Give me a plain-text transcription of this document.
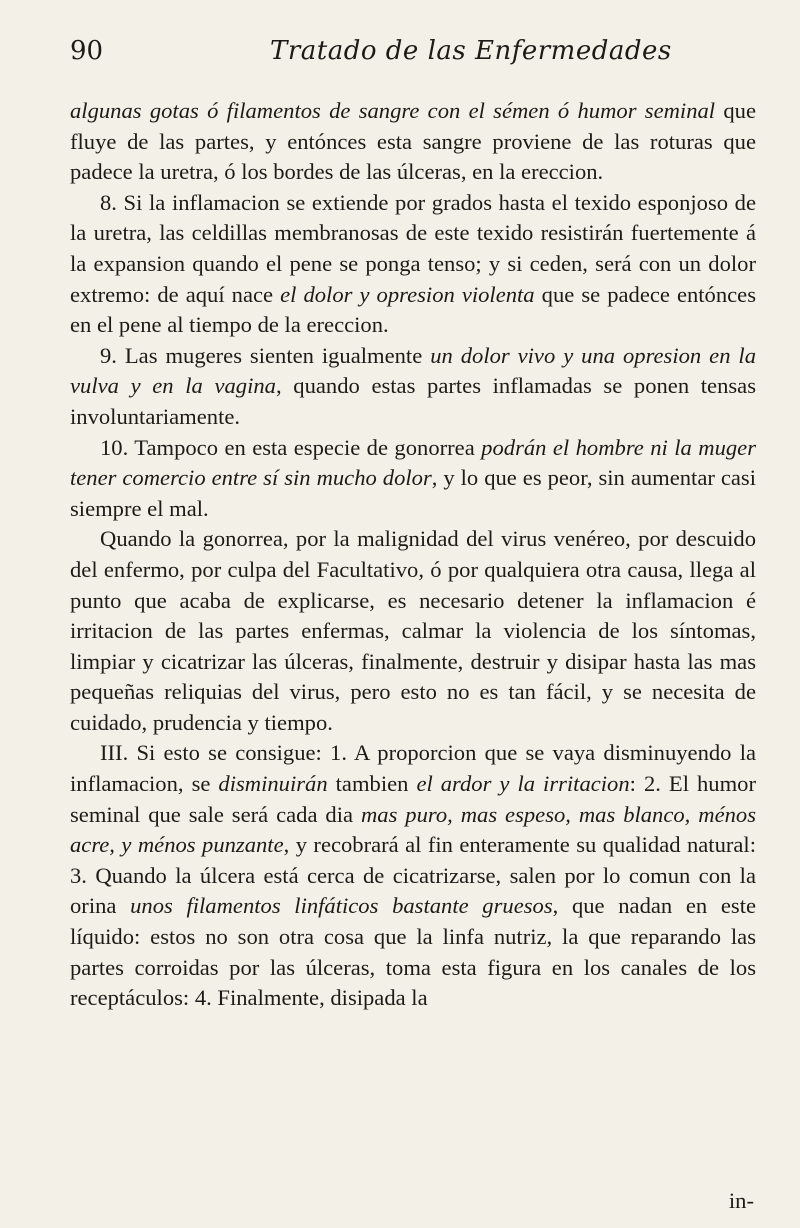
90	Tratado de las Enfermedades

algunas gotas ó filamentos de sangre con el sémen ó humor seminal que fluye de las partes, y entónces esta sangre proviene de las roturas que padece la uretra, ó los bordes de las úlceras, en la ereccion.

8. Si la inflamacion se extiende por grados hasta el texido esponjoso de la uretra, las celdillas membranosas de este texido resistirán fuertemente á la expansion quando el pene se ponga tenso; y si ceden, será con un dolor extremo: de aquí nace el dolor y opresion violenta que se padece entónces en el pene al tiempo de la ereccion.

9. Las mugeres sienten igualmente un dolor vivo y una opresion en la vulva y en la vagina, quando estas partes inflamadas se ponen tensas involuntariamente.

10. Tampoco en esta especie de gonorrea podrán el hombre ni la muger tener comercio entre sí sin mucho dolor, y lo que es peor, sin aumentar casi siempre el mal.

Quando la gonorrea, por la malignidad del virus venéreo, por descuido del enfermo, por culpa del Facultativo, ó por qualquiera otra causa, llega al punto que acaba de explicarse, es necesario detener la inflamacion é irritacion de las partes enfermas, calmar la violencia de los síntomas, limpiar y cicatrizar las úlceras, finalmente, destruir y disipar hasta las mas pequeñas reliquias del virus, pero esto no es tan fácil, y se necesita de cuidado, prudencia y tiempo.

III. Si esto se consigue: 1. A proporcion que se vaya disminuyendo la inflamacion, se disminuirán tambien el ardor y la irritacion: 2. El humor seminal que sale será cada dia mas puro, mas espeso, mas blanco, ménos acre, y ménos punzante, y recobrará al fin enteramente su qualidad natural: 3. Quando la úlcera está cerca de cicatrizarse, salen por lo comun con la orina unos filamentos linfáticos bastante gruesos, que nadan en este líquido: estos no son otra cosa que la linfa nutriz, la que reparando las partes corroidas por las úlceras, toma esta figura en los canales de los receptáculos: 4. Finalmente, disipada la

in-
